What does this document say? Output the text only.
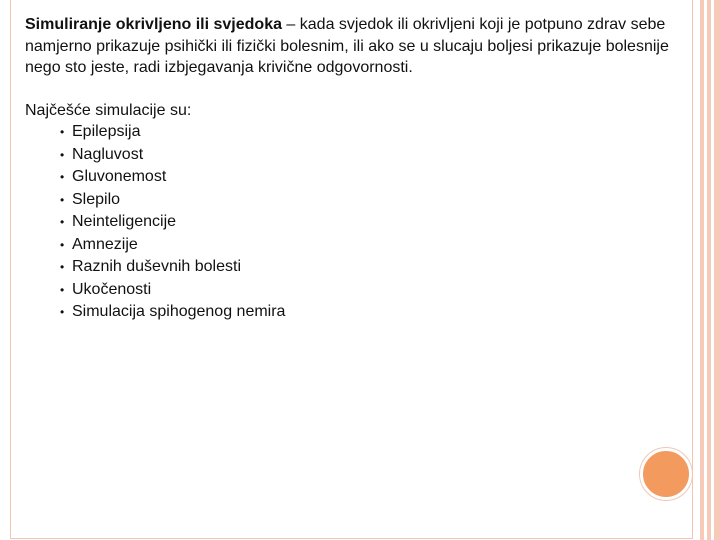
Simuliranje okrivljeno ili svjedoka – kada svjedok ili okrivljeni koji je potpuno zdrav sebe namjerno prikazuje psihički ili fizički bolesnim, ili ako se u slucaju boljesi prikazuje bolesnije nego sto jeste, radi izbjegavanja krivične odgovornosti.

Najčešće simulacije su:

• Epilepsija
• Nagluvost
• Gluvonemost
• Slepilo
• Neinteligencije
• Amnezije
• Raznih duševnih bolesti
• Ukočenosti
• Simulacija spihogenog nemira
